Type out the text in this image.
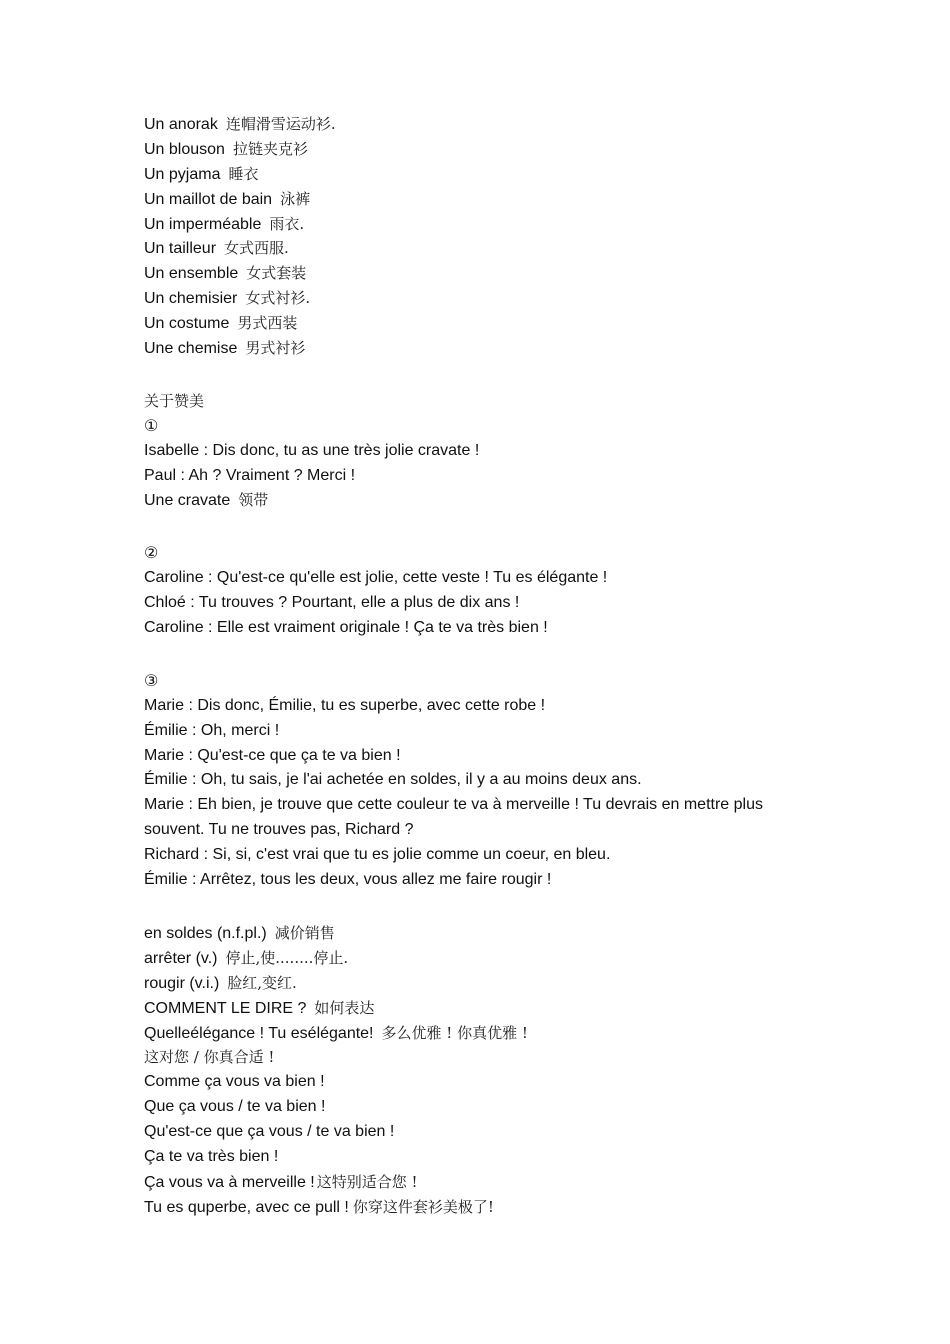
Un anorak 连帽滑雪运动衫.
Un blouson 拉链夹克衫
Un pyjama 睡衣
Un maillot de bain 泳裤
Un imperméable 雨衣.
Un tailleur 女式西服.
Un ensemble 女式套装
Un chemisier 女式衬衫.
Un costume 男式西装
Une chemise 男式衬衫
关于赞美
①
Isabelle : Dis donc, tu as une très jolie cravate !
Paul : Ah ? Vraiment ? Merci !
Une cravate 领带
②
Caroline : Qu'est-ce qu'elle est jolie, cette veste ! Tu es élégante !
Chloé : Tu trouves ? Pourtant, elle a plus de dix ans !
Caroline : Elle est vraiment originale ! Ça te va très bien !
③
Marie : Dis donc, Émilie, tu es superbe, avec cette robe !
Émilie : Oh, merci !
Marie : Qu'est-ce que ça te va bien !
Émilie : Oh, tu sais, je l'ai achetée en soldes, il y a au moins deux ans.
Marie : Eh bien, je trouve que cette couleur te va à merveille ! Tu devrais en mettre plus souvent. Tu ne trouves pas, Richard ?
Richard : Si, si, c'est vrai que tu es jolie comme un coeur, en bleu.
Émilie : Arrêtez, tous les deux, vous allez me faire rougir !
en soldes (n.f.pl.) 减价销售
arrêter (v.) 停止,使........停止.
rougir (v.i.) 脸红,变红.
COMMENT LE DIRE ? 如何表达
Quelleélégance ! Tu eséléganteǃ 多么优雅 ! 你真优雅 !
这对您 / 你真合适 !
Comme ça vous va bien !
Que ça vous / te va bien !
Qu'est-ce que ça vous / te va bien !
Ça te va très bien !
Ça vous va à merveille ! 这特别适合您 !
Tu es quperbe, avec ce pull ! 你穿这件套衫美极了!
